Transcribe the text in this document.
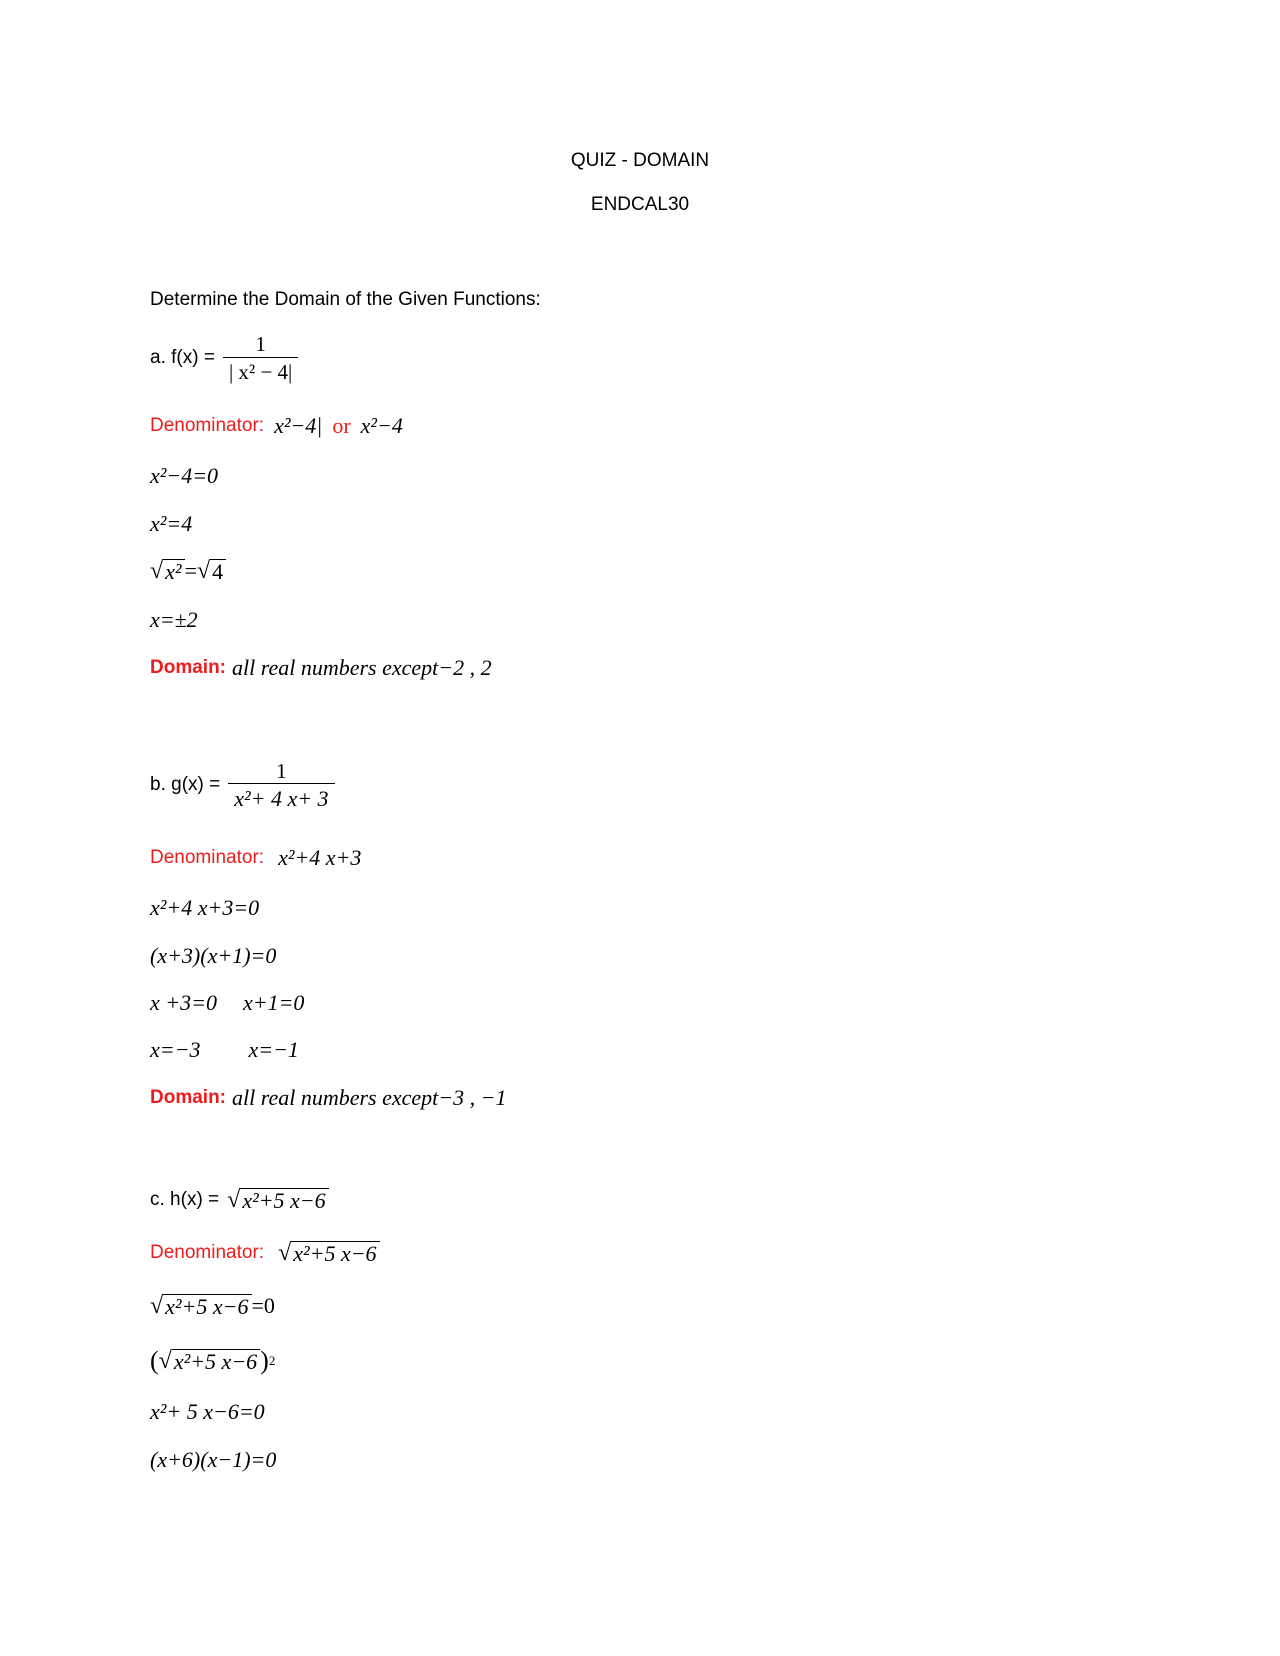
QUIZ - DOMAIN
ENDCAL30
Determine the Domain of the Given Functions:
a. $f(x) = \frac{1}{\text{| x² − 4|}}$
Denominator: x²−4| or x²−4
x²−4=0
x²=4
√ x² = √ 4
x=±2
Domain: all real numbers except−2 , 2
b. $g(x) = \frac{1}{\text{x²+ 4 x+ 3}}$
Denominator: x²+4 x+3
x²+4 x+3=0
(x+3)(x+1)=0
x +3=0 x+1=0
x=−3 x=−1
Domain: all real numbers except−3 , −1
c. h(x) = √ x²+5 x−6
Denominator: √ x²+5 x−6
√ x²+5 x−6 =0
( √ x²+5 x−6 ) 2
x²+ 5 x−6=0
(x+6)(x−1)=0
